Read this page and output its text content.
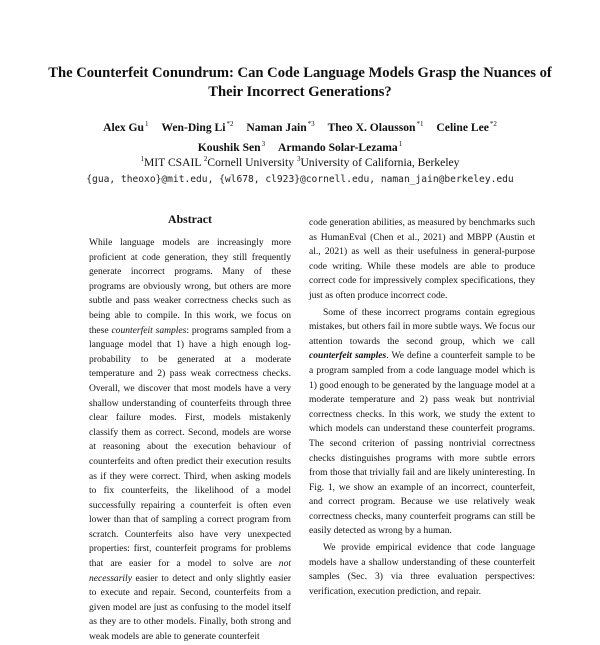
The Counterfeit Conundrum: Can Code Language Models Grasp the Nuances of Their Incorrect Generations?
Alex Gu$^1$ Wen-Ding Li$^{*2}$ Naman Jain$^{*3}$ Theo X. Olausson$^{*1}$ Celine Lee$^{*2}$
Koushik Sen$^3$ Armando Solar-Lezama$^1$
$^1$MIT CSAIL $^2$Cornell University $^3$University of California, Berkeley
{gua, theoxo}@mit.edu, {wl678, cl923}@cornell.edu, naman_jain@berkeley.edu
Abstract

While language models are increasingly more proficient at code generation, they still frequently generate incorrect programs. Many of these programs are obviously wrong, but others are more subtle and pass weaker correctness checks such as being able to compile. In this work, we focus on these counterfeit samples: programs sampled from a language model that 1) have a high enough log-probability to be generated at a moderate temperature and 2) pass weak correctness checks. Overall, we discover that most models have a very shallow understanding of counterfeits through three clear failure modes. First, models mistakenly classify them as correct. Second, models are worse at reasoning about the execution behaviour of counterfeits and often predict their execution results as if they were correct. Third, when asking models to fix counterfeits, the likelihood of a model successfully repairing a counterfeit is often even lower than that of sampling a correct program from scratch. Counterfeits also have very unexpected properties: first, counterfeit programs for problems that are easier for a model to solve are not necessarily easier to detect and only slightly easier to execute and repair. Second, counterfeits from a given model are just as confusing to the model itself as they are to other models. Finally, both strong and weak models are able to generate counterfeit

code generation abilities, as measured by benchmarks such as HumanEval (Chen et al., 2021) and MBPP (Austin et al., 2021) as well as their usefulness in general-purpose code writing. While these models are able to produce correct code for impressively complex specifications, they just as often produce incorrect code.

Some of these incorrect programs contain egregious mistakes, but others fail in more subtle ways. We focus our attention towards the second group, which we call counterfeit samples. We define a counterfeit sample to be a program sampled from a code language model which is 1) good enough to be generated by the language model at a moderate temperature and 2) pass weak but nontrivial correctness checks. In this work, we study the extent to which models can understand these counterfeit programs. The second criterion of passing nontrivial correctness checks distinguishes programs with more subtle errors from those that trivially fail and are likely uninteresting. In Fig. 1, we show an example of an incorrect, counterfeit, and correct program. Because we use relatively weak correctness checks, many counterfeit programs can still be easily detected as wrong by a human.

We provide empirical evidence that code language models have a shallow understanding of these counterfeit samples (Sec. 3) via three evaluation perspectives: verification, execution prediction, and repair.
